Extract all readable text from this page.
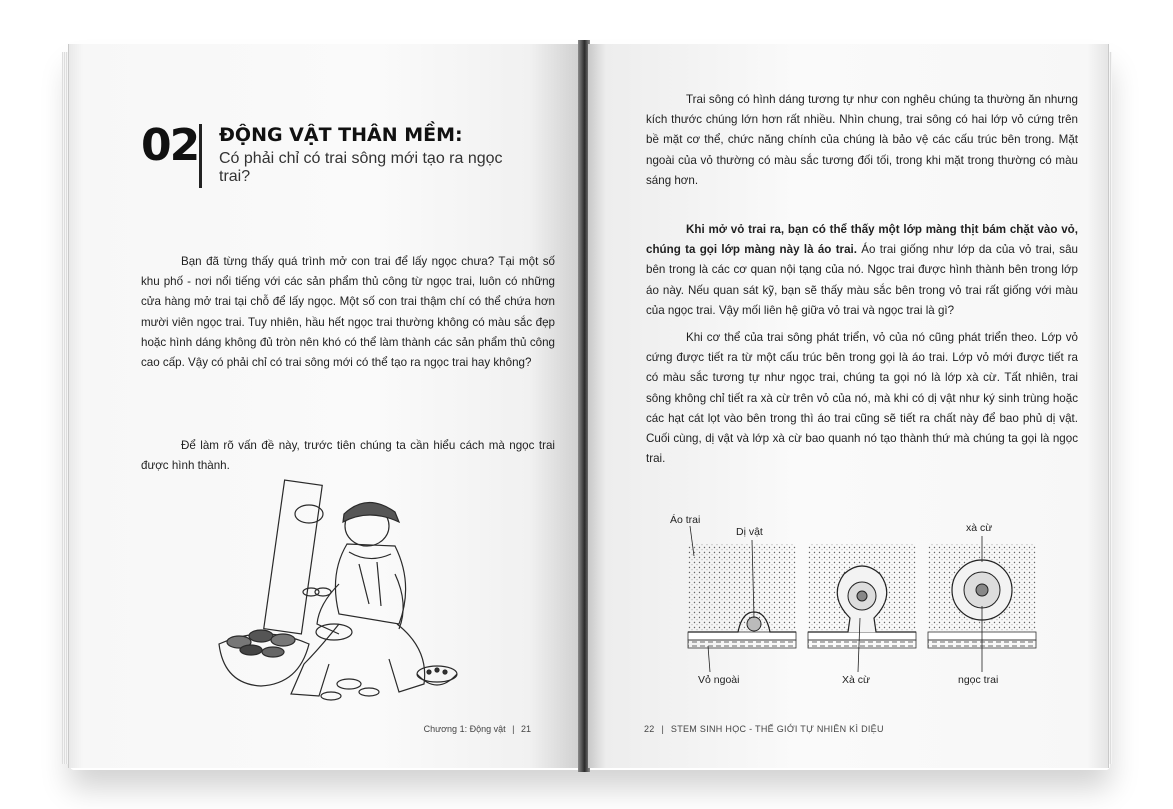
02 ĐỘNG VẬT THÂN MỀM:
Có phải chỉ có trai sông mới tạo ra ngọc trai?
Bạn đã từng thấy quá trình mở con trai để lấy ngọc chưa? Tại một số khu phố - nơi nổi tiếng với các sản phẩm thủ công từ ngọc trai, luôn có những cửa hàng mở trai tại chỗ để lấy ngọc. Một số con trai thậm chí có thể chứa hơn mười viên ngọc trai. Tuy nhiên, hầu hết ngọc trai thường không có màu sắc đẹp hoặc hình dáng không đủ tròn nên khó có thể làm thành các sản phẩm thủ công cao cấp. Vậy có phải chỉ có trai sông mới có thể tạo ra ngọc trai hay không?
Để làm rõ vấn đề này, trước tiên chúng ta cần hiểu cách mà ngọc trai được hình thành.
Chương 1: Động vật | 21
Trai sông có hình dáng tương tự như con nghêu chúng ta thường ăn nhưng kích thước chúng lớn hơn rất nhiều. Nhìn chung, trai sông có hai lớp vỏ cứng trên bề mặt cơ thể, chức năng chính của chúng là bảo vệ các cấu trúc bên trong. Mặt ngoài của vỏ thường có màu sắc tương đối tối, trong khi mặt trong thường có màu sáng hơn.
Khi mở vỏ trai ra, bạn có thể thấy một lớp màng thịt bám chặt vào vỏ, chúng ta gọi lớp màng này là áo trai. Áo trai giống như lớp da của vỏ trai, sâu bên trong là các cơ quan nội tạng của nó. Ngọc trai được hình thành bên trong lớp áo này. Nếu quan sát kỹ, bạn sẽ thấy màu sắc bên trong vỏ trai rất giống với màu của ngọc trai. Vậy mối liên hệ giữa vỏ trai và ngọc trai là gì?
Khi cơ thể của trai sông phát triển, vỏ của nó cũng phát triển theo. Lớp vỏ cứng được tiết ra từ một cấu trúc bên trong gọi là áo trai. Lớp vỏ mới được tiết ra có màu sắc tương tự như ngọc trai, chúng ta gọi nó là lớp xà cừ. Tất nhiên, trai sông không chỉ tiết ra xà cừ trên vỏ của nó, mà khi có dị vật như ký sinh trùng hoặc các hạt cát lọt vào bên trong thì áo trai cũng sẽ tiết ra chất này để bao phủ dị vật. Cuối cùng, dị vật và lớp xà cừ bao quanh nó tạo thành thứ mà chúng ta gọi là ngọc trai.
Áo trai
Dị vật	xà cừ
Vỏ ngoài	Xà cừ	ngọc trai
22 | STEM SINH HỌC - THẾ GIỚI TỰ NHIÊN KÌ DIỆU
